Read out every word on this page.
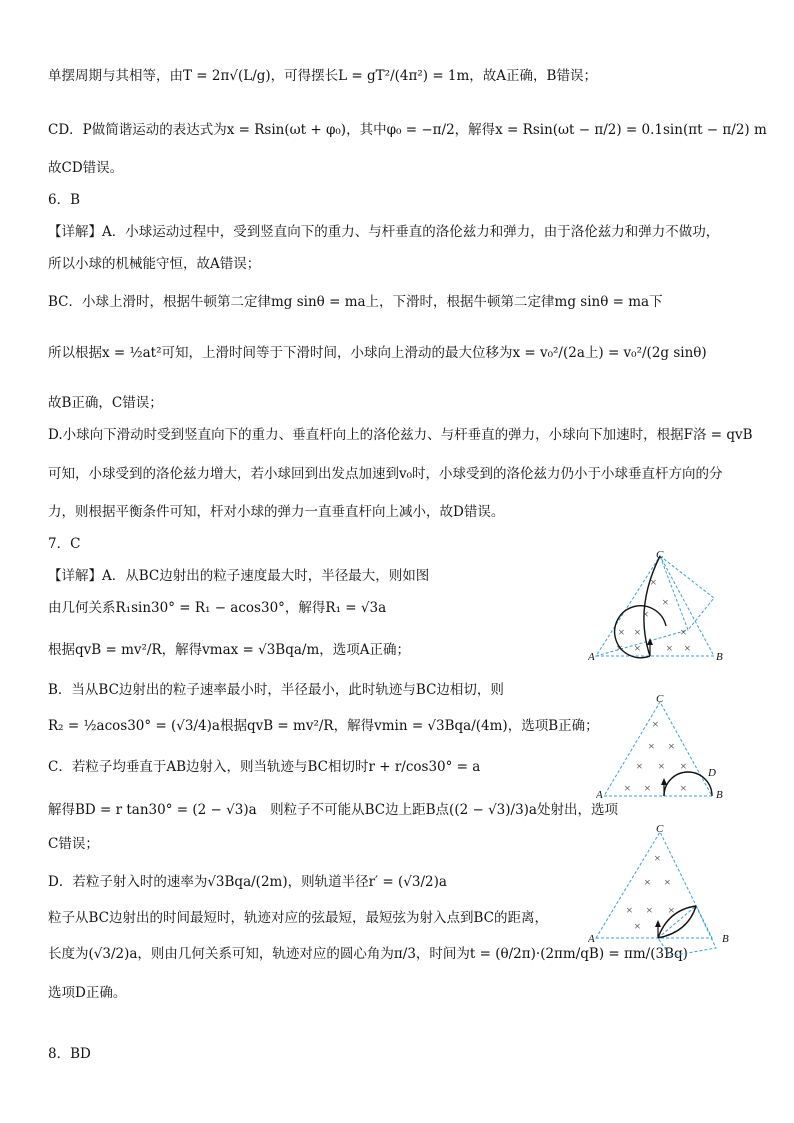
单摆周期与其相等，由T = 2π√(L/g)，可得摆长L = gT²/(4π²) = 1m，故A正确，B错误；
CD．P做简谐运动的表达式为x = Rsin(ωt + φ₀)，其中φ₀ = −π/2，解得x = Rsin(ωt − π/2) = 0.1sin(πt − π/2) m
故CD错误。
6．B
【详解】A．小球运动过程中，受到竖直向下的重力、与杆垂直的洛伦兹力和弹力，由于洛伦兹力和弹力不做功，
所以小球的机械能守恒，故A错误；
BC．小球上滑时，根据牛顿第二定律mg sinθ = ma上，下滑时，根据牛顿第二定律mg sinθ = ma下
所以根据x = ½at²可知，上滑时间等于下滑时间，小球向上滑动的最大位移为x = v₀²/(2a上) = v₀²/(2g sinθ)
故B正确，C错误；
D.小球向下滑动时受到竖直向下的重力、垂直杆向上的洛伦兹力、与杆垂直的弹力，小球向下加速时，根据F洛 = qvB
可知，小球受到的洛伦兹力增大，若小球回到出发点加速到v₀时，小球受到的洛伦兹力仍小于小球垂直杆方向的分
力，则根据平衡条件可知，杆对小球的弹力一直垂直杆向上减小，故D错误。
7．C
【详解】A．从BC边射出的粒子速度最大时，半径最大，则如图
由几何关系R₁sin30° = R₁ − acos30°，解得R₁ = √3a
根据qvB = mv²/R，解得vmax = √3Bqa/m，选项A正确；
B．当从BC边射出的粒子速率最小时，半径最小，此时轨迹与BC边相切，则
R₂ = ½acos30° = (√3/4)a根据qvB = mv²/R，解得vmin = √3Bqa/(4m)，选项B正确；
C．若粒子均垂直于AB边射入，则当轨迹与BC相切时r + r/cos30° = a
解得BD = r tan30° = (2 − √3)a　则粒子不可能从BC边上距B点((2 − √3)/3)a处射出，选项
C错误；
D．若粒子射入时的速率为√3Bqa/(2m)，则轨道半径r′ = (√3/2)a
粒子从BC边射出的时间最短时，轨迹对应的弦最短，最短弦为射入点到BC的距离，
长度为(√3/2)a，则由几何关系可知，轨迹对应的圆心角为π/3，时间为t = (θ/2π)·(2πm/qB) = πm/(3Bq)
选项D正确。
8．BD
×
×
×
× ×	×
× × × ×
C
A	B
×
× ×
× × ×
× × ×
C
A	B
D
×
× ×
× × ×
×
C
A	B
